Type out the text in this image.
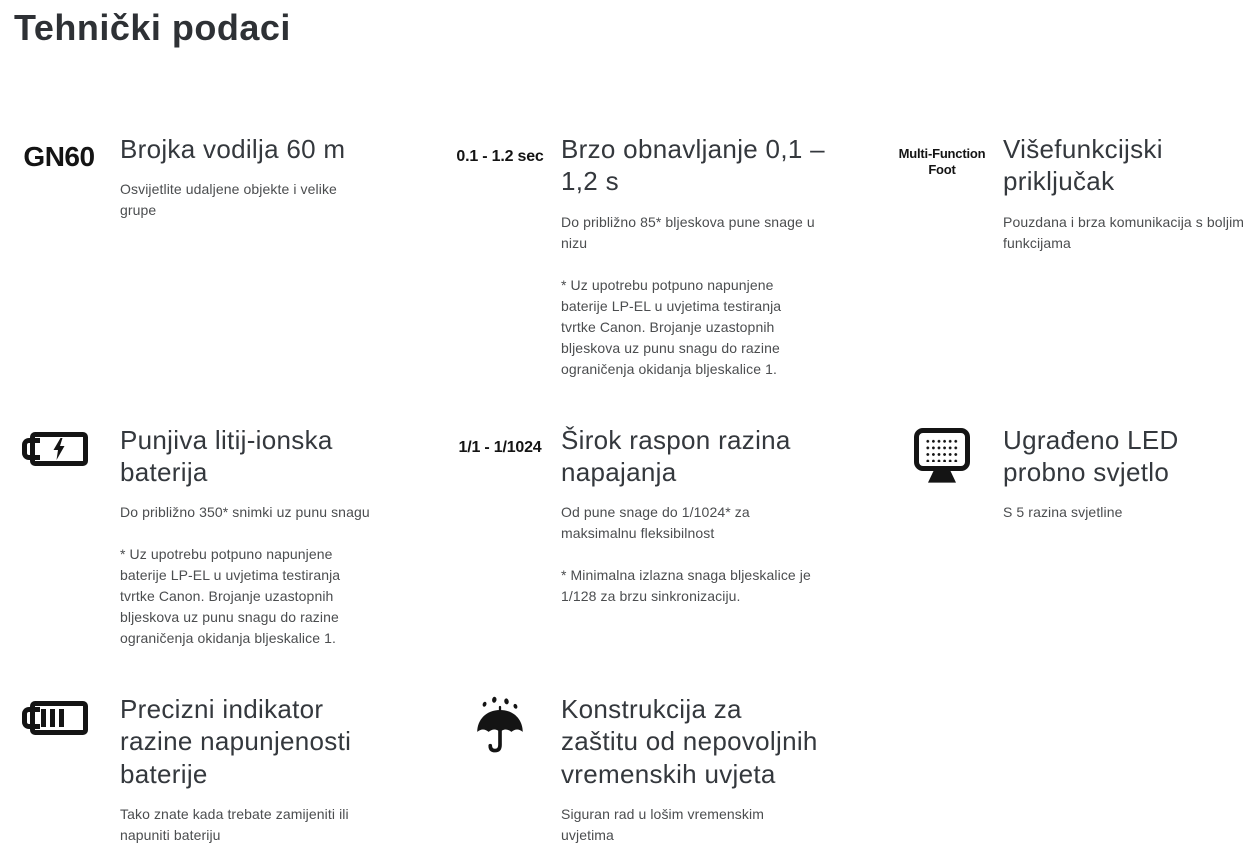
Tehnički podaci
GN60 Brojka vodilja 60 m

Osvijetlite udaljene objekte i velike grupe

0.1 - 1.2 sec Brzo obnavljanje 0,1 – 1,2 s

Do približno 85* bljeskova pune snage u nizu

* Uz upotrebu potpuno napunjene baterije LP-EL u uvjetima testiranja tvrtke Canon. Brojanje uzastopnih bljeskova uz punu snagu do razine ograničenja okidanja bljeskalice 1.

Multi-Function Foot
Višefunkcijski priključak

Pouzdana i brza komunikacija s boljim funkcijama

Punjiva litij-ionska baterija

Do približno 350* snimki uz punu snagu

* Uz upotrebu potpuno napunjene baterije LP-EL u uvjetima testiranja tvrtke Canon. Brojanje uzastopnih bljeskova uz punu snagu do razine ograničenja okidanja bljeskalice 1.

1/1 - 1/1024 Širok raspon razina napajanja

Od pune snage do 1/1024* za maksimalnu fleksibilnost

* Minimalna izlazna snaga bljeskalice je 1/128 za brzu sinkronizaciju.

Ugrađeno LED probno svjetlo

S 5 razina svjetline

Precizni indikator razine napunjenosti baterije

Tako znate kada trebate zamijeniti ili napuniti bateriju

Konstrukcija za zaštitu od nepovoljnih vremenskih uvjeta

Siguran rad u lošim vremenskim uvjetima
